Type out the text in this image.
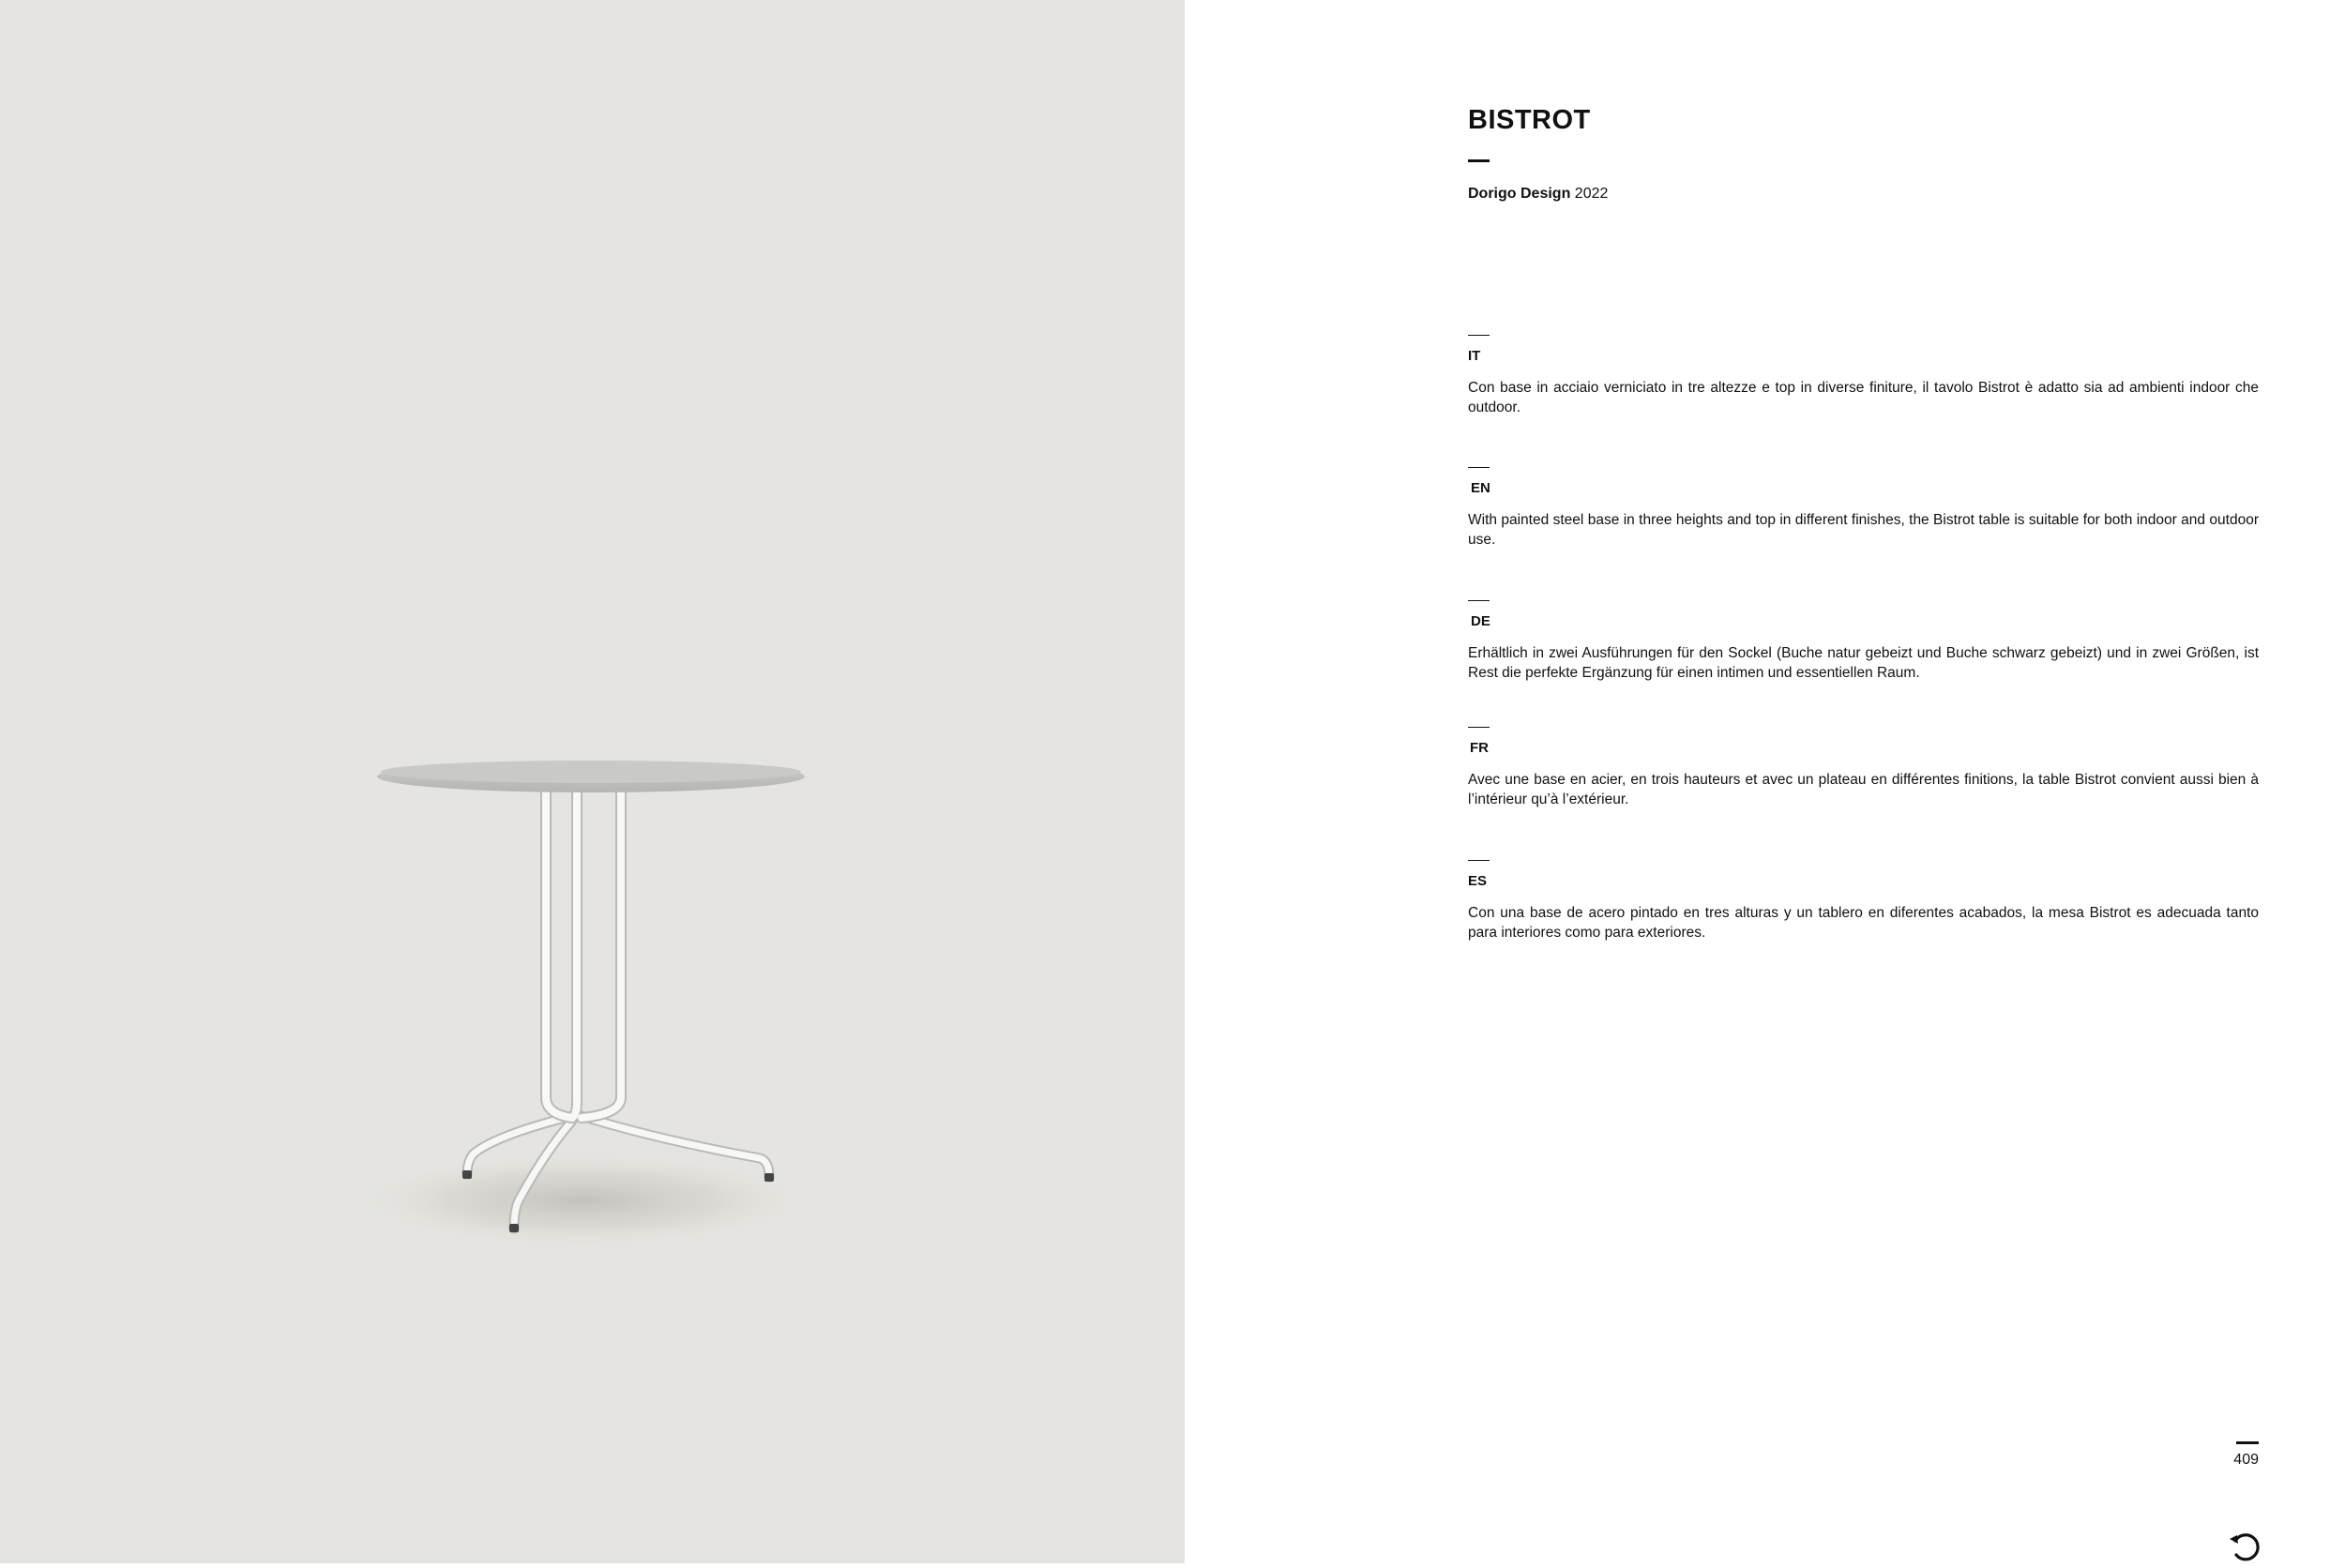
BISTROT
Dorigo Design 2022
IT
Con base in acciaio verniciato in tre altezze e top in diverse finiture, il tavolo Bistrot è adatto sia ad ambienti indoor che outdoor.
EN
With painted steel base in three heights and top in different finishes, the Bistrot table is suitable for both indoor and outdoor use.
DE
Erhältlich in zwei Ausführungen für den Sockel (Buche natur gebeizt und Buche schwarz gebeizt) und in zwei Größen, ist Rest die perfekte Ergänzung für einen intimen und essentiellen Raum.
FR
Avec une base en acier, en trois hauteurs et avec un plateau en différentes finitions, la table Bistrot convient aussi bien à l’intérieur qu’à l’extérieur.
ES
Con una base de acero pintado en tres alturas y un tablero en diferentes acabados, la mesa Bistrot es adecuada tanto para interiores como para exteriores.
409
